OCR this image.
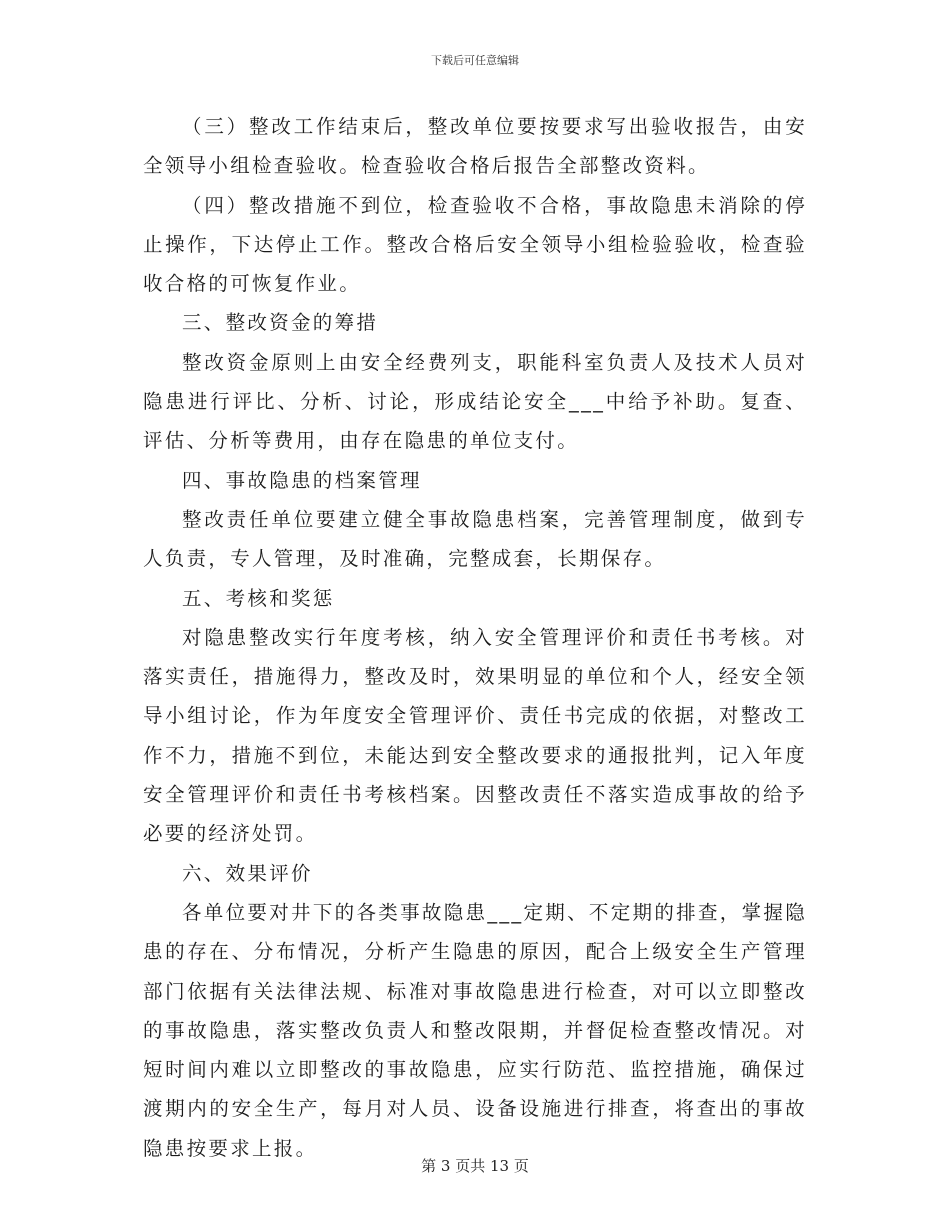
下载后可任意编辑

（三）整改工作结束后，整改单位要按要求写出验收报告，由安全领导小组检查验收。检查验收合格后报告全部整改资料。

（四）整改措施不到位，检查验收不合格，事故隐患未消除的停止操作，下达停止工作。整改合格后安全领导小组检验验收，检查验收合格的可恢复作业。

三、整改资金的筹措

整改资金原则上由安全经费列支，职能科室负责人及技术人员对隐患进行评比、分析、讨论，形成结论安全___中给予补助。复查、评估、分析等费用，由存在隐患的单位支付。

四、事故隐患的档案管理

整改责任单位要建立健全事故隐患档案，完善管理制度，做到专人负责，专人管理，及时准确，完整成套，长期保存。

五、考核和奖惩

对隐患整改实行年度考核，纳入安全管理评价和责任书考核。对落实责任，措施得力，整改及时，效果明显的单位和个人，经安全领导小组讨论，作为年度安全管理评价、责任书完成的依据，对整改工作不力，措施不到位，未能达到安全整改要求的通报批判，记入年度安全管理评价和责任书考核档案。因整改责任不落实造成事故的给予必要的经济处罚。

六、效果评价

各单位要对井下的各类事故隐患___定期、不定期的排查，掌握隐患的存在、分布情况，分析产生隐患的原因，配合上级安全生产管理部门依据有关法律法规、标准对事故隐患进行检查，对可以立即整改的事故隐患，落实整改负责人和整改限期，并督促检查整改情况。对短时间内难以立即整改的事故隐患，应实行防范、监控措施，确保过渡期内的安全生产，每月对人员、设备设施进行排查，将查出的事故隐患按要求上报。

第 3 页共 13 页
